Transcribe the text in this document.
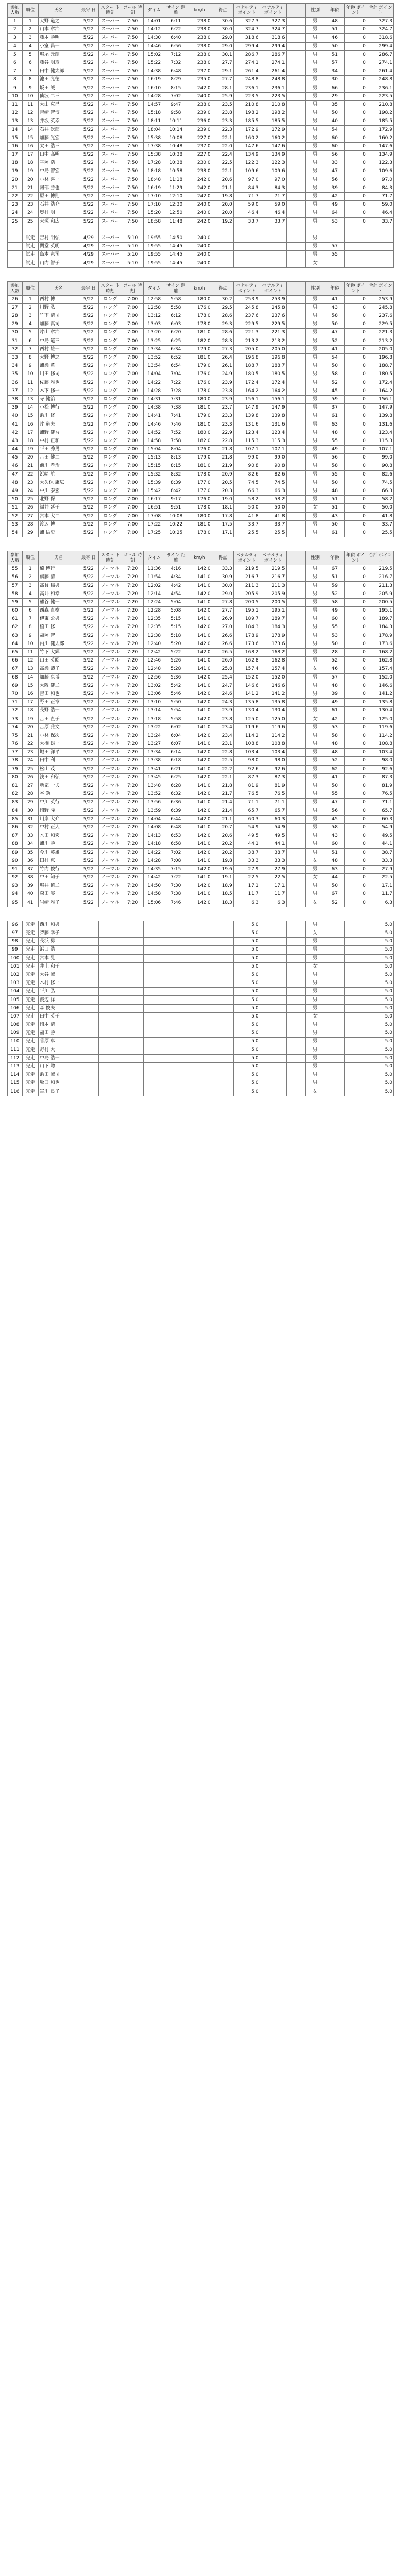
参加 人数	順位	氏名	最寄 日	スター ト時刻	ゴール 時刻	タイム	サイン 距離	km/h	得点	ペナルティ ポイント	ペナルティ ポイント		性別	年齢	年齢 ポイント	合計 ポイント
1	1	大野 道之	5/22	スーパー	7:50	14:01	6:11	238.0	30.6	327.3	327.3		男	48	0	327.3
2	2	山本 章治	5/22	スーパー	7:50	14:12	6:22	238.0	30.0	324.7	324.7		男	51	0	324.7
3	3	藤本 勝明	5/22	スーパー	7:50	14:30	6:40	238.0	29.0	318.6	318.6		男	46	0	318.6
4	4	小室 昌一	5/22	スーパー	7:50	14:46	6:56	238.0	29.0	299.4	299.4		男	50	0	299.4
5	5	堀尾 元朗	5/22	スーパー	7:50	15:02	7:12	238.0	30.1	286.7	286.7		男	51	0	286.7
6	6	藤谷 明彦	5/22	スーパー	7:50	15:22	7:32	238.0	27.7	274.1	274.1		男	57	0	274.1
7	7	田中 健太郎	5/22	スーパー	7:50	14:38	6:48	237.0	29.1	261.4	261.4		男	34	0	261.4
8	8	池田 光徳	5/22	スーパー	7:50	16:19	8:29	235.0	27.7	248.8	248.8		男	30	0	248.8
9	9	坂田 誠	5/22	スーパー	7:50	16:10	8:15	242.0	28.1	236.1	236.1		男	66	0	236.1
10	10	仙波 二三	5/22	スーパー	7:50	14:28	7:02	240.0	25.9	223.5	223.5		男	29	0	223.5
11	11	大山 克己	5/22	スーパー	7:50	14:57	9:47	238.0	23.5	210.8	210.8		男	35	0	210.8
12	12	吉崎 智博	5/22	スーパー	7:50	15:18	9:58	239.0	23.8	198.2	198.2		男	50	0	198.2
13	13	井坂 英幸	5/22	スーパー	7:50	18:11	10:11	236.0	23.3	185.5	185.5		男	40	0	185.5
14	14	石井 次郎	5/22	スーパー	7:50	18:04	10:14	239.0	22.3	172.9	172.9		男	54	0	172.9
15	15	加藤 光宏	5/22	スーパー	7:50	15:38	10:08	227.0	22.1	160.2	160.2		男	60	0	160.2
16	16	太田 浩三	5/22	スーパー	7:50	17:38	10:48	237.0	22.0	147.6	147.6		男	60	0	147.6
17	17	田中 高明	5/22	スーパー	7:50	15:38	10:38	227.0	22.4	134.9	134.9		男	56	0	134.9
18	18	平岡 浩	5/22	スーパー	7:50	17:28	10:38	230.0	22.5	122.3	122.3		男	33	0	122.3
19	19	中島 智宏	5/22	スーパー	7:50	18:18	10:58	238.0	22.1	109.6	109.6		男	47	0	109.6
20	20	小林 喜一	5/22	スーパー	7:50	18:48	11:18	242.0	20.6	97.0	97.0		男	56	0	97.0
21	21	阿部 勝也	5/22	スーパー	7:50	16:19	11:29	242.0	21.1	84.3	84.3		男	39	0	84.3
22	22	原田 博則	5/22	スーパー	7:50	17:10	12:10	242.0	19.8	71.7	71.7		男	42	0	71.7
23	23	石井 浩介	5/22	スーパー	7:50	17:10	12:30	240.0	20.0	59.0	59.0		男	49	0	59.0
24	24	奥村 明	5/22	スーパー	7:50	15:20	12:50	240.0	20.0	46.4	46.4		男	64	0	46.4
25	25	大塚 和広	5/22	スーパー	7:50	18:58	11:48	242.0	19.2	33.7	33.7		男	53	0	33.7

	試走	吉村 明弘	4/29	スーパー	5:10	19:55	14:50	240.0					男			
	試走	関堂 英明	4/29	スーパー	5:10	19:55	14:45	240.0					男	57		
	試走	島本 憲司	4/29	スーパー	5:10	19:55	14:45	240.0					男	55		
	試走	山内 智子	4/29	スーパー	5:10	19:55	14:45	240.0					女			
参加 人数	順位	氏名	最寄 日	スター ト時刻	ゴール 時刻	タイム	サイン 距離	km/h	得点	ペナルティ ポイント	ペナルティ ポイント		性別	年齢	年齢 ポイント	合計 ポイント
26	1	西村 博	5/22	ロング	7:00	12:58	5:58	180.0	30.2	253.9	253.9		男	41	0	253.9
27	2	川野 弘	5/22	ロング	7:00	12:58	5:58	176.0	29.5	245.8	245.8		男	43	0	245.8
28	3	竹下 清司	5/22	ロング	7:00	13:12	6:12	178.0	28.6	237.6	237.6		男	58	0	237.6
29	4	加藤 真司	5/22	ロング	7:00	13:03	6:03	178.0	29.3	229.5	229.5		男	50	0	229.5
30	5	片山 章治	5/22	ロング	7:00	13:20	6:20	181.0	28.6	221.3	221.3		男	47	0	221.3
31	6	中島 道三	5/22	ロング	7:00	13:25	6:25	182.0	28.3	213.2	213.2		男	52	0	213.2
32	7	西村 雄一	5/22	ロング	7:00	13:34	6:34	179.0	27.3	205.0	205.0		男	41	0	205.0
33	8	大野 博之	5/22	ロング	7:00	13:52	6:52	181.0	26.4	196.8	196.8		男	54	0	196.8
34	9	浦瀬 薫	5/22	ロング	7:00	13:54	6:54	179.0	26.1	188.7	188.7		男	50	0	188.7
35	10	川田 修司	5/22	ロング	7:00	14:04	7:04	176.0	24.9	180.5	180.5		男	58	0	180.5
36	11	佐藤 雅也	5/22	ロング	7:00	14:22	7:22	176.0	23.9	172.4	172.4		男	52	0	172.4
37	12	木下 修一	5/22	ロング	7:00	14:28	7:28	178.0	23.8	164.2	164.2		男	45	0	164.2
38	13	寺 健治	5/22	ロング	7:00	14:31	7:31	180.0	23.9	156.1	156.1		男	59	0	156.1
39	14	小松 博行	5/22	ロング	7:00	14:38	7:38	181.0	23.7	147.9	147.9		男	37	0	147.9
40	15	浜川 修	5/22	ロング	7:00	14:41	7:41	179.0	23.3	139.8	139.8		男	61	0	139.8
41	16	片 道夫	5/22	ロング	7:00	14:46	7:46	181.0	23.3	131.6	131.6		男	63	0	131.6
42	17	浦野 健吾	5/22	ロング	7:00	14:52	7:52	180.0	22.9	123.4	123.4		男	48	0	123.4
43	18	中村 正和	5/22	ロング	7:00	14:58	7:58	182.0	22.8	115.3	115.3		男	55	0	115.3
44	19	平田 秀男	5/22	ロング	7:00	15:04	8:04	176.0	21.8	107.1	107.1		男	49	0	107.1
45	20	吉田 健二	5/22	ロング	7:00	15:13	8:13	179.0	21.8	99.0	99.0		男	56	0	99.0
46	21	前川 孝治	5/22	ロング	7:00	15:15	8:15	181.0	21.9	90.8	90.8		男	58	0	90.8
47	22	浜崎 航	5/22	ロング	7:00	15:32	8:32	178.0	20.9	82.6	82.6		男	55	0	82.6
48	23	大久保 康広	5/22	ロング	7:00	15:39	8:39	177.0	20.5	74.5	74.5		男	50	0	74.5
49	24	中川 泰宏	5/22	ロング	7:00	15:42	8:42	177.0	20.3	66.3	66.3		男	48	0	66.3
50	25	北野 保	5/22	ロング	7:00	16:17	9:17	176.0	19.0	58.2	58.2		男	51	0	58.2
51	26	福井 延子	5/22	ロング	7:00	16:51	9:51	178.0	18.1	50.0	50.0		女	51	0	50.0
52	27	宮本 大二	5/22	ロング	7:00	17:08	10:08	180.0	17.8	41.8	41.8		男	43	0	41.8
53	28	渡辺 博	5/22	ロング	7:00	17:22	10:22	181.0	17.5	33.7	33.7		男	50	0	33.7
54	29	浦 悟史	5/22	ロング	7:00	17:25	10:25	178.0	17.1	25.5	25.5		男	61	0	25.5
参加 人数	順位	氏名	最寄 日	スター ト時刻	ゴール 時刻	タイム	サイン 距離	km/h	得点	ペナルティ ポイント	ペナルティ ポイント		性別	年齢	年齢 ポイント	合計 ポイント
55	1	楠 博行	5/22	ノーマル	7:20	11:36	4:16	142.0	33.3	219.5	219.5		男	67	0	219.5
56	2	旗藤 清	5/22	ノーマル	7:20	11:54	4:34	141.0	30.9	216.7	216.7		男	51	0	216.7
57	3	髙長 暢男	5/22	ノーマル	7:20	12:02	4:42	141.0	30.0	211.3	211.3		男	59	0	211.3
58	4	高井 和幸	5/22	ノーマル	7:20	12:14	4:54	142.0	29.0	205.9	205.9		男	52	0	205.9
59	5	熊谷 健一	5/22	ノーマル	7:20	12:24	5:04	141.0	27.8	200.5	200.5		男	58	0	200.5
60	6	西森 直樹	5/22	ノーマル	7:20	12:28	5:08	142.0	27.7	195.1	195.1		男	49	0	195.1
61	7	伊東 公男	5/22	ノーマル	7:20	12:35	5:15	141.0	26.9	189.7	189.7		男	60	0	189.7
62	8	植田 修	5/22	ノーマル	7:20	12:35	5:15	142.0	27.0	184.3	184.3		男	55	0	184.3
63	9	福岡 智	5/22	ノーマル	7:20	12:38	5:18	141.0	26.6	178.9	178.9		男	53	0	178.9
64	10	内川 健太郎	5/22	ノーマル	7:20	12:40	5:20	142.0	26.6	173.6	173.6		男	50	0	173.6
65	11	竹下 大輝	5/22	ノーマル	7:20	12:42	5:22	142.0	26.5	168.2	168.2		男	28	0	168.2
66	12	山田 英昭	5/22	ノーマル	7:20	12:46	5:26	141.0	26.0	162.8	162.8		男	52	0	162.8
67	13	高瀬 恭子	5/22	ノーマル	7:20	12:48	5:28	141.0	25.8	157.4	157.4		女	46	0	157.4
68	14	加藤 康博	5/22	ノーマル	7:20	12:56	5:36	142.0	25.4	152.0	152.0		男	57	0	152.0
69	15	大阪 健二	5/22	ノーマル	7:20	13:02	5:42	141.0	24.7	146.6	146.6		男	48	0	146.6
70	16	吉田 和也	5/22	ノーマル	7:20	13:06	5:46	142.0	24.6	141.2	141.2		男	39	0	141.2
71	17	野田 正章	5/22	ノーマル	7:20	13:10	5:50	142.0	24.3	135.8	135.8		男	49	0	135.8
72	18	長野 浩一	5/22	ノーマル	7:20	13:14	5:54	141.0	23.9	130.4	130.4		男	61	0	130.4
73	19	吉田 直子	5/22	ノーマル	7:20	13:18	5:58	142.0	23.8	125.0	125.0		女	42	0	125.0
74	20	吉原 雅文	5/22	ノーマル	7:20	13:22	6:02	141.0	23.4	119.6	119.6		男	53	0	119.6
75	21	小林 保次	5/22	ノーマル	7:20	13:24	6:04	142.0	23.4	114.2	114.2		男	58	0	114.2
76	22	大橋 雄一	5/22	ノーマル	7:20	13:27	6:07	141.0	23.1	108.8	108.8		男	48	0	108.8
77	23	堀田 洋平	5/22	ノーマル	7:20	13:34	6:14	142.0	22.8	103.4	103.4		男	48	0	103.4
78	24	田中 利	5/22	ノーマル	7:20	13:38	6:18	142.0	22.5	98.0	98.0		男	52	0	98.0
79	25	松山 茂	5/22	ノーマル	7:20	13:41	6:21	141.0	22.2	92.6	92.6		男	62	0	92.6
80	26	浅田 和弘	5/22	ノーマル	7:20	13:45	6:25	142.0	22.1	87.3	87.3		男	41	0	87.3
81	27	新家 一夫	5/22	ノーマル	7:20	13:48	6:28	141.0	21.8	81.9	81.9		男	50	0	81.9
82	28	谷 勉	5/22	ノーマル	7:20	13:52	6:32	142.0	21.7	76.5	76.5		男	55	0	76.5
83	29	中川 英行	5/22	ノーマル	7:20	13:56	6:36	141.0	21.4	71.1	71.1		男	47	0	71.1
84	30	岡野 隆	5/22	ノーマル	7:20	13:59	6:39	142.0	21.4	65.7	65.7		男	56	0	65.7
85	31	川岸 大介	5/22	ノーマル	7:20	14:04	6:44	142.0	21.1	60.3	60.3		男	45	0	60.3
86	32	中村 正人	5/22	ノーマル	7:20	14:08	6:48	141.0	20.7	54.9	54.9		男	58	0	54.9
87	33	木田 和宏	5/22	ノーマル	7:20	14:13	6:53	142.0	20.6	49.5	49.5		男	43	0	49.5
88	34	浦川 勝	5/22	ノーマル	7:20	14:18	6:58	141.0	20.2	44.1	44.1		男	60	0	44.1
89	35	今川 英雄	5/22	ノーマル	7:20	14:22	7:02	142.0	20.2	38.7	38.7		男	51	0	38.7
90	36	田村 恵	5/22	ノーマル	7:20	14:28	7:08	141.0	19.8	33.3	33.3		女	48	0	33.3
91	37	竹内 俊行	5/22	ノーマル	7:20	14:35	7:15	142.0	19.6	27.9	27.9		男	63	0	27.9
92	38	中田 知子	5/22	ノーマル	7:20	14:42	7:22	141.0	19.1	22.5	22.5		女	44	0	22.5
93	39	堀井 慎二	5/22	ノーマル	7:20	14:50	7:30	142.0	18.9	17.1	17.1		男	50	0	17.1
94	40	森田 実	5/22	ノーマル	7:20	14:58	7:38	141.0	18.5	11.7	11.7		男	67	0	11.7
95	41	岩崎 雅子	5/22	ノーマル	7:20	15:06	7:46	142.0	18.3	6.3	6.3		女	52	0	6.3
96	完走	西川 和男								5.0			男			5.0
97	完走	斉藤 幸子								5.0			女			5.0
98	完走	長浜 勇								5.0			男			5.0
99	完走	浜口 浩								5.0			男			5.0
100	完走	宮本 晃								5.0			男			5.0
101	完走	井上 和子								5.0			女			5.0
102	完走	大谷 誠								5.0			男			5.0
103	完走	木村 修一								5.0			男			5.0
104	完走	平川 弘								5.0			男			5.0
105	完走	渡辺 洋								5.0			男			5.0
106	完走	森 俊夫								5.0			男			5.0
107	完走	田中 英子								5.0			女			5.0
108	完走	岡本 清								5.0			男			5.0
109	完走	福田 勝								5.0			男			5.0
110	完走	菅原 卓								5.0			男			5.0
111	完走	野村 大								5.0			男			5.0
112	完走	中島 浩一								5.0			男			5.0
113	完走	山下 聡								5.0			男			5.0
114	完走	浜田 誠司								5.0			男			5.0
115	完走	坂口 和也								5.0			男			5.0
116	完走	宮川 良子								5.0			女			5.0
